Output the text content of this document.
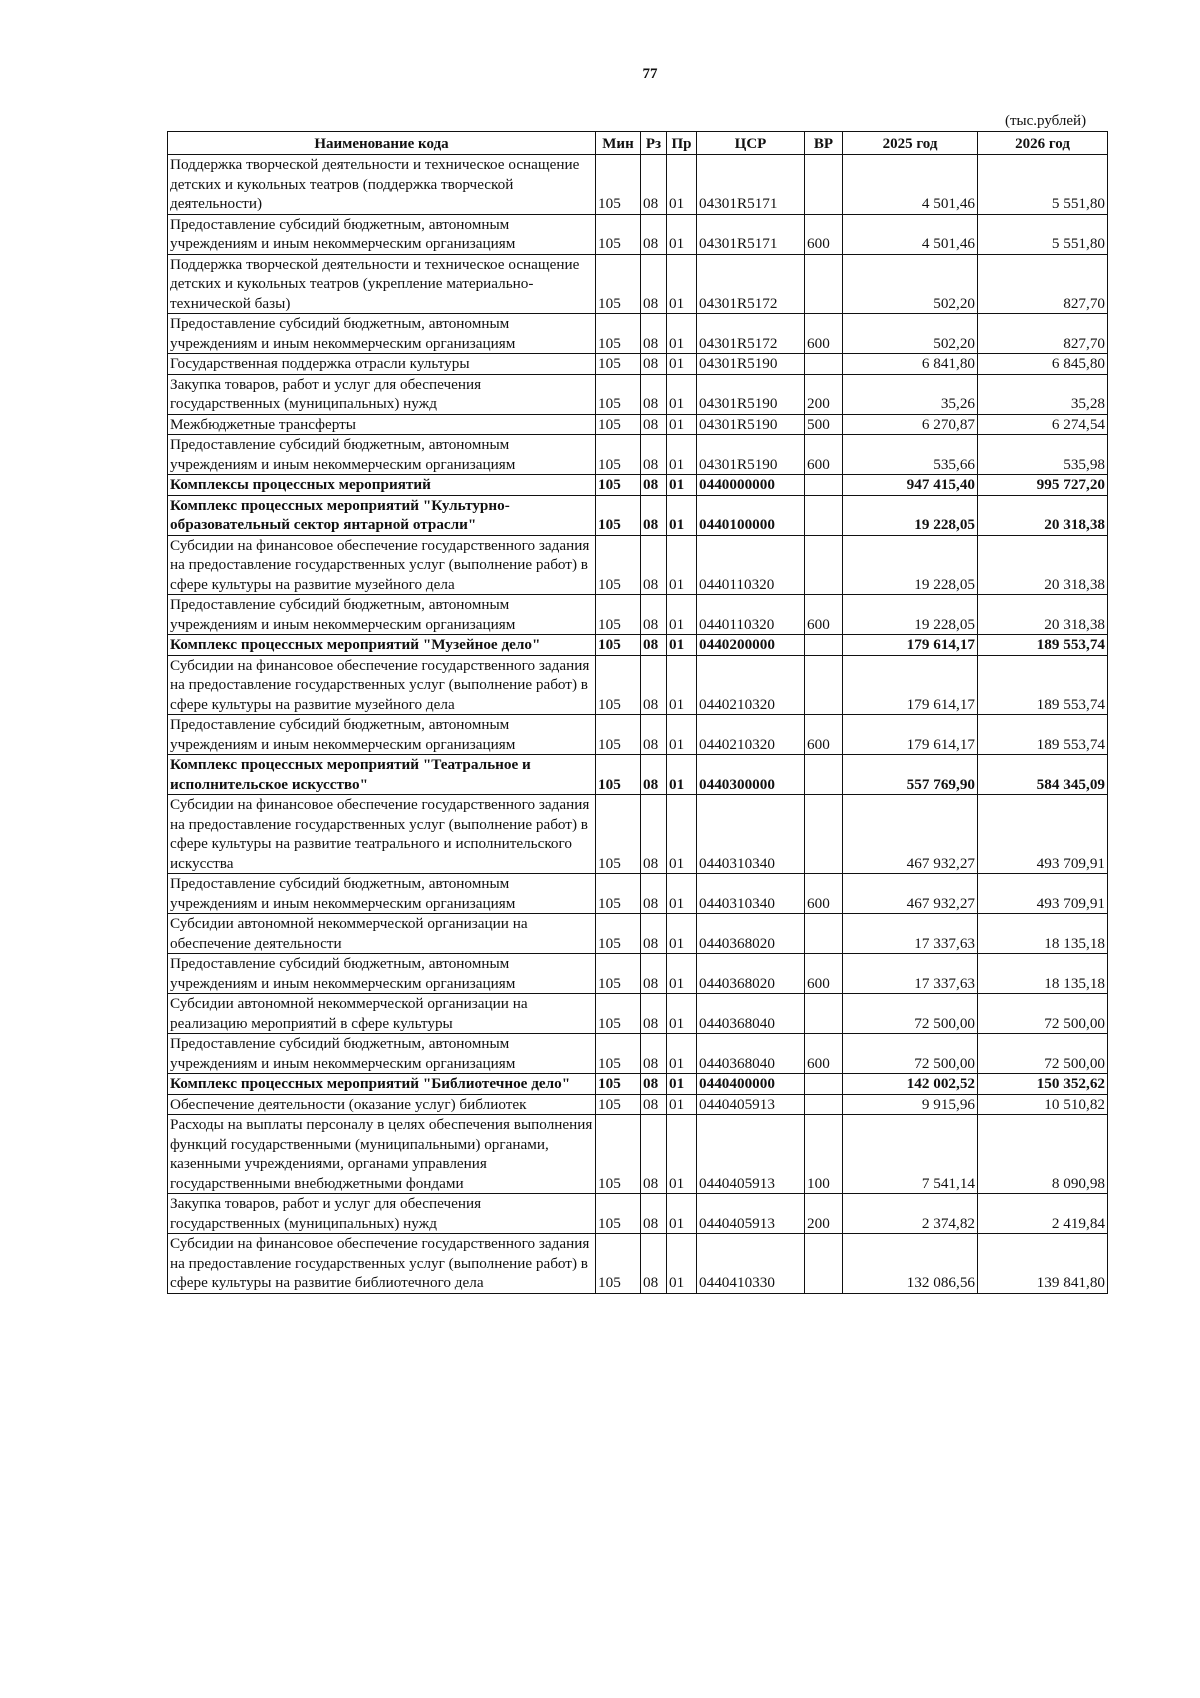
77
(тыс.рублей)
Наименование кода	Мин	Рз	Пр	ЦСР	ВР	2025 год	2026 год
Поддержка творческой деятельности и техническое оснащение детских и кукольных театров (поддержка творческой деятельности)	105	08	01	04301R5171		4 501,46	5 551,80
Предоставление субсидий бюджетным, автономным учреждениям и иным некоммерческим организациям	105	08	01	04301R5171	600	4 501,46	5 551,80
Поддержка творческой деятельности и техническое оснащение детских и кукольных театров (укрепление материально-технической базы)	105	08	01	04301R5172		502,20	827,70
Предоставление субсидий бюджетным, автономным учреждениям и иным некоммерческим организациям	105	08	01	04301R5172	600	502,20	827,70
Государственная поддержка отрасли культуры	105	08	01	04301R5190		6 841,80	6 845,80
Закупка товаров, работ и услуг для обеспечения государственных (муниципальных) нужд	105	08	01	04301R5190	200	35,26	35,28
Межбюджетные трансферты	105	08	01	04301R5190	500	6 270,87	6 274,54
Предоставление субсидий бюджетным, автономным учреждениям и иным некоммерческим организациям	105	08	01	04301R5190	600	535,66	535,98
Комплексы процессных мероприятий	105	08	01	0440000000		947 415,40	995 727,20
Комплекс процессных мероприятий "Культурно-образовательный сектор янтарной отрасли"	105	08	01	0440100000		19 228,05	20 318,38
Субсидии на финансовое обеспечение государственного задания на предоставление государственных услуг (выполнение работ) в сфере культуры на развитие музейного дела	105	08	01	0440110320		19 228,05	20 318,38
Предоставление субсидий бюджетным, автономным учреждениям и иным некоммерческим организациям	105	08	01	0440110320	600	19 228,05	20 318,38
Комплекс процессных мероприятий "Музейное дело"	105	08	01	0440200000		179 614,17	189 553,74
Субсидии на финансовое обеспечение государственного задания на предоставление государственных услуг (выполнение работ) в сфере культуры на развитие музейного дела	105	08	01	0440210320		179 614,17	189 553,74
Предоставление субсидий бюджетным, автономным учреждениям и иным некоммерческим организациям	105	08	01	0440210320	600	179 614,17	189 553,74
Комплекс процессных мероприятий "Театральное и исполнительское искусство"	105	08	01	0440300000		557 769,90	584 345,09
Субсидии на финансовое обеспечение государственного задания на предоставление государственных услуг (выполнение работ) в сфере культуры на развитие театрального и исполнительского искусства	105	08	01	0440310340		467 932,27	493 709,91
Предоставление субсидий бюджетным, автономным учреждениям и иным некоммерческим организациям	105	08	01	0440310340	600	467 932,27	493 709,91
Субсидии автономной некоммерческой организации на обеспечение деятельности	105	08	01	0440368020		17 337,63	18 135,18
Предоставление субсидий бюджетным, автономным учреждениям и иным некоммерческим организациям	105	08	01	0440368020	600	17 337,63	18 135,18
Субсидии автономной некоммерческой организации на реализацию мероприятий в сфере культуры	105	08	01	0440368040		72 500,00	72 500,00
Предоставление субсидий бюджетным, автономным учреждениям и иным некоммерческим организациям	105	08	01	0440368040	600	72 500,00	72 500,00
Комплекс процессных мероприятий "Библиотечное дело"	105	08	01	0440400000		142 002,52	150 352,62
Обеспечение деятельности (оказание услуг) библиотек	105	08	01	0440405913		9 915,96	10 510,82
Расходы на выплаты персоналу в целях обеспечения выполнения функций государственными (муниципальными) органами, казенными учреждениями, органами управления государственными внебюджетными фондами	105	08	01	0440405913	100	7 541,14	8 090,98
Закупка товаров, работ и услуг для обеспечения государственных (муниципальных) нужд	105	08	01	0440405913	200	2 374,82	2 419,84
Субсидии на финансовое обеспечение государственного задания на предоставление государственных услуг (выполнение работ) в сфере культуры на развитие библиотечного дела	105	08	01	0440410330		132 086,56	139 841,80
